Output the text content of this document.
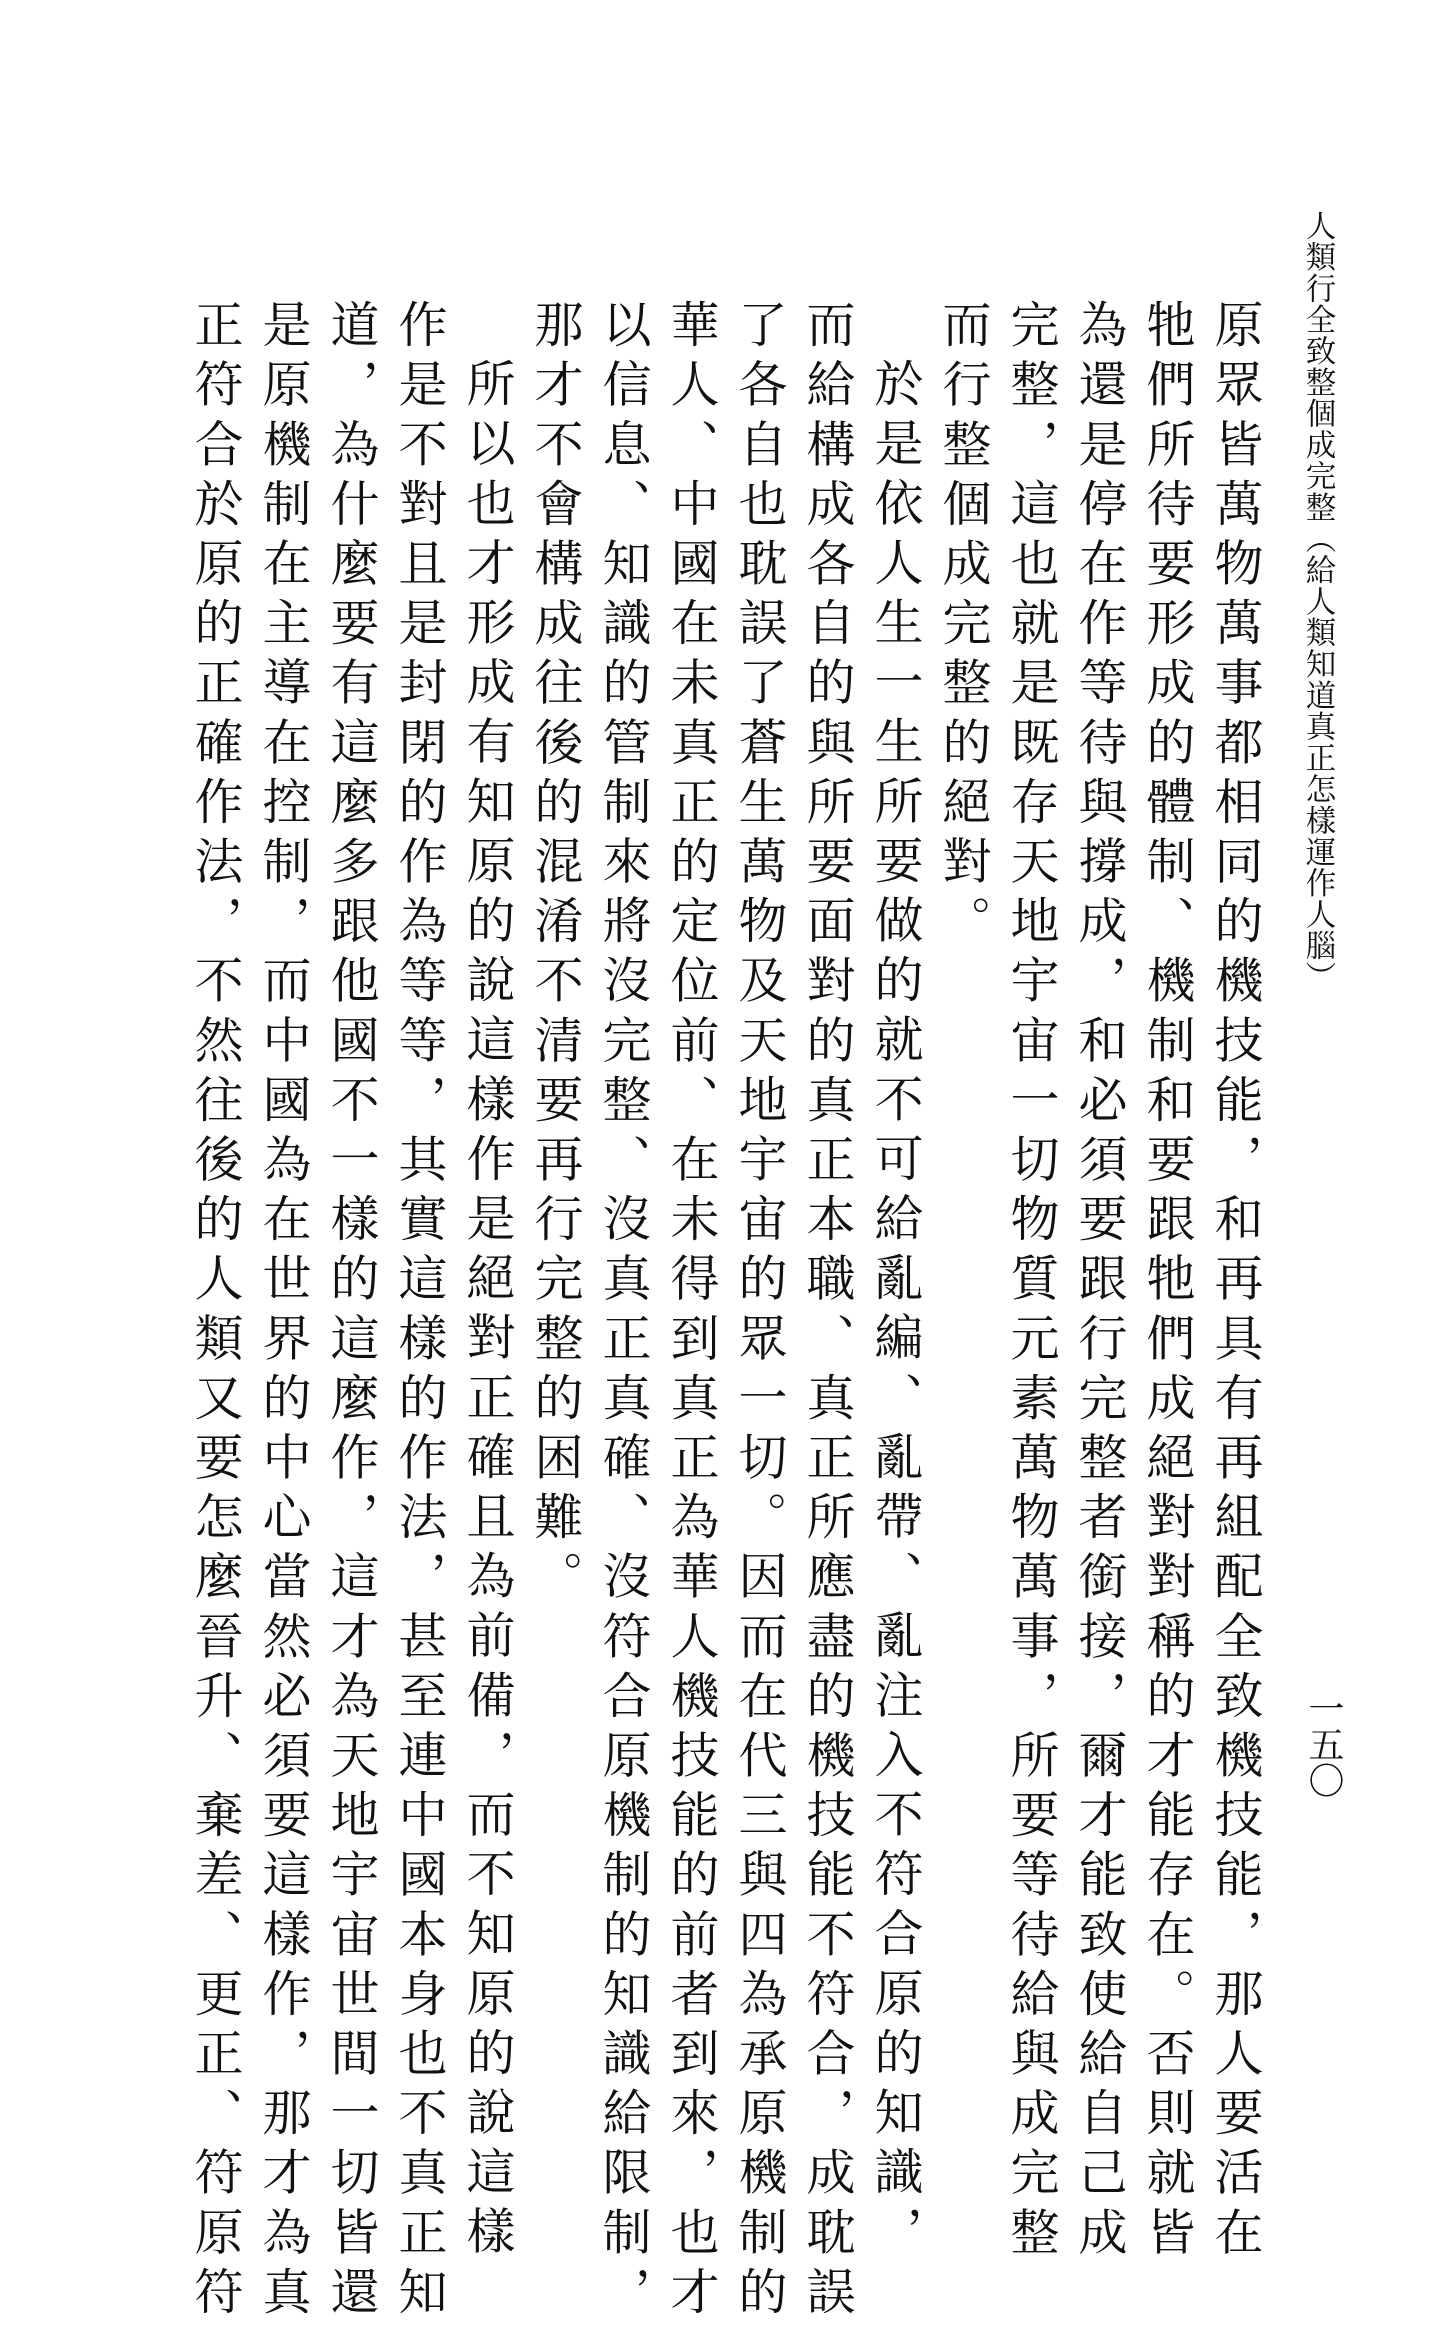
人類行全致整個成完整（給人類知道真正怎樣運作人腦）
一五〇
原眾皆萬物萬事都相同的機技能，和再具有再組配全致機技能，那人要活在
牠們所待要形成的體制、機制和要跟牠們成絕對對稱的才能存在。否則就皆
為還是停在作等待與撐成，和必須要跟行完整者銜接，爾才能致使給自己成
完整，這也就是既存天地宇宙一切物質元素萬物萬事，所要等待給與成完整
而行整個成完整的絕對。
於是依人生一生所要做的就不可給亂編、亂帶、亂注入不符合原的知識，
而給構成各自的與所要面對的真正本職、真正所應盡的機技能不符合，成耽誤
了各自也耽誤了蒼生萬物及天地宇宙的眾一切。因而在代三與四為承原機制的
華人、中國在未真正的定位前、在未得到真正為華人機技能的前者到來，也才
以信息、知識的管制來將沒完整、沒真正真確、沒符合原機制的知識給限制，
那才不會構成往後的混淆不清要再行完整的困難。
所以也才形成有知原的說這樣作是絕對正確且為前備，而不知原的說這樣
作是不對且是封閉的作為等等，其實這樣的作法，甚至連中國本身也不真正知
道，為什麼要有這麼多跟他國不一樣的這麼作，這才為天地宇宙世間一切皆還
是原機制在主導在控制，而中國為在世界的中心當然必須要這樣作，那才為真
正符合於原的正確作法，不然往後的人類又要怎麼晉升、棄差、更正、符原符
